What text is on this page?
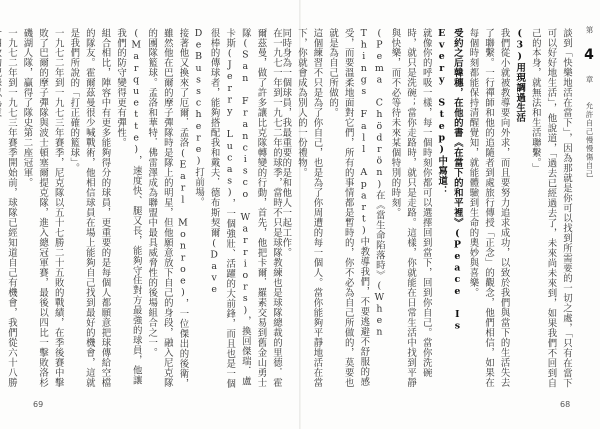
第 4 章 允許自己慢慢傷自己
談到「快樂地活在當下」，因為那就是你可以找到所需要的一切之處，「只有在當下可以好好地生活」，他說道，「過去已經過去了，未來尚未來到，如果我們不回到自己的本身，就無法和生活聯繫。」
(3)用現調過生活
我們從小就被教導要向外求，而且要努力追求成功，以致於我們與當下的生活失去了聯繫。一行禪師和他的追隨者到處旅行傳授「正念」的觀念，他們相信，如果在每個時刻都能保持清醒覺知，就能體驗到生命的奧妙與喜樂。
受約之后韓穗，在他的書《在當下的和平裡》(Peace Is Every Step)中寫道：
就像你的呼吸一樣，每一個時刻你都可以選擇回到當下，回到你自己。當你洗碗時，就只是洗碗；當你走路時，就只是走路。這樣，你就能在日常生活中找到平靜與快樂，而不必等待未來某個特別的時刻。
(Pema Chödrön)在《當生命陷落時》(When Things Fall Apart)中教導我們，不要逃避不舒服的感受，而要溫柔地面對它們，所有的事情都是暫時的，你不必為自己所做的，莫要也就是為自己所做的。
這個練習不只是為了你自己，也是為了你周遭的每一個人。當你能夠平靜地活在當下，你就會成為別人的一份禮物。
同時身為一個球員，我最重要的是和他人一起工作。
68
在一九七一年到一九七二年的球季，當時不只是球隊教練也是球隊總裁的里德．霍爾茲曼，做了許多讓比克隊轉變的行動，首先，他把卡爾．羅素交易到舊金山勇士隊(San Francisco Warriors)，換回傑瑞．盧卡斯(Jerry Lucas)，一個強壯、活躍的大前鋒，而且也是一個很棒的傳球者，能夠搭配我和戴夫．德布斯契爾(Dave DeBusschere)打前場。
接著他又換來了厄爾．孟洛(Earl Monroe)，一位傑出的後衛，雖然他在巴爾的摩子彈隊時是隊上的明星，但他願意放下自己的身段，融入尼克隊的團隊籃球。孟洛和華特．佛雷澤成為聯盟中最具威脅性的後場組合之一。
(Marquette)，速度快、腿又長，能夠守住對方最強的球員，他讓我們的防守變得更有彈性。
組合相比，陣容中有更多能夠得分的球員，更重要的是每個人都願意把球傳給空檔的隊友。霍爾茲曼很少喊戰術，他相信球員在場上能夠自己找到最好的機會，這就是我們所說的「打正確的籃球」。
一九七二年到一九七三年賽季，尼克隊以五十七勝二十五敗的戰績，在季後賽中擊敗了巴爾的摩子彈隊與波士頓塞爾提克隊，進入總冠軍賽，最後以四比一擊敗洛杉磯湖人隊，贏得了隊史第二座冠軍。
一九七二年到一九七三年賽季開始前，球隊已經知道自己有機會，我們從六十八勝
69
